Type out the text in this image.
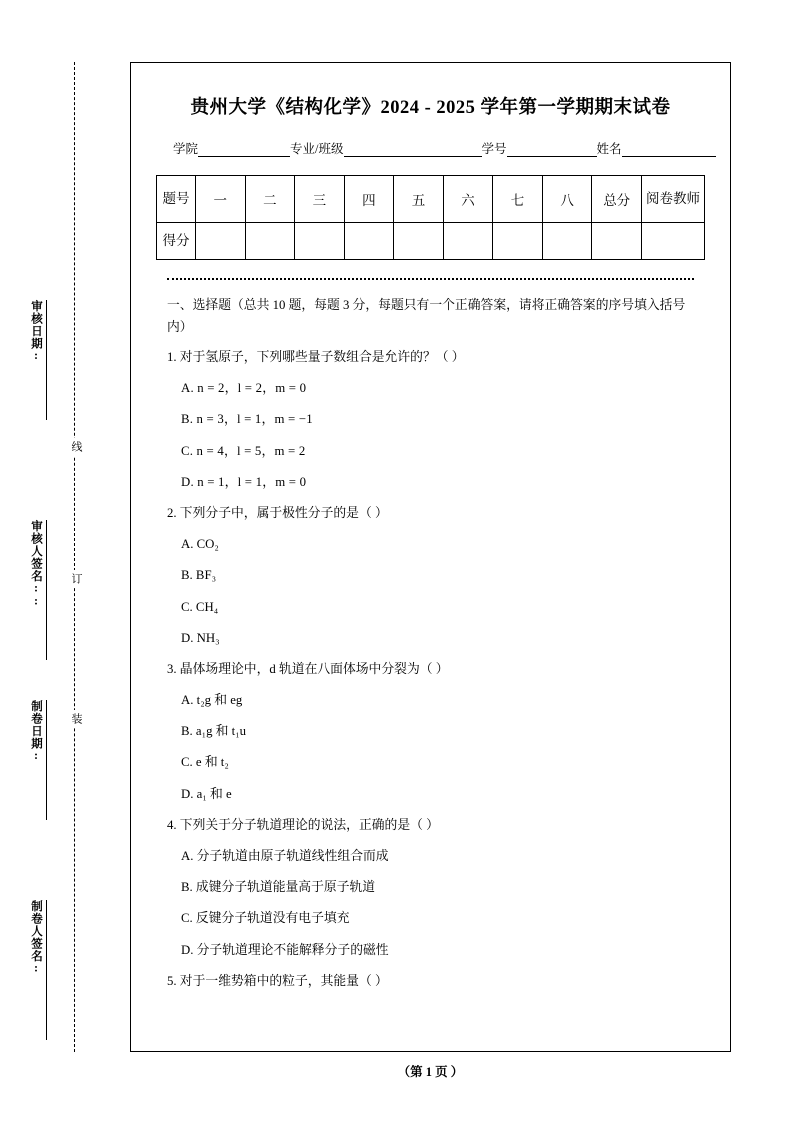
审核日期:
审核人签名::
制卷日期:
制卷人签名:
线
订
装
贵州大学《结构化学》2024 - 2025 学年第一学期期末试卷
学院	专业/班级	学号	姓名
题号	一	二	三	四	五	六	七	八	总分	阅卷教师
得分										
一、选择题（总共 10 题，每题 3 分，每题只有一个正确答案，请将正确答案的序号填入括号内）
1. 对于氢原子，下列哪些量子数组合是允许的？（ ）
A. n = 2，l = 2，m = 0
B. n = 3，l = 1，m = −1
C. n = 4，l = 5，m = 2
D. n = 1，l = 1，m = 0
2. 下列分子中，属于极性分子的是（ ）
A. CO₂
B. BF₃
C. CH₄
D. NH₃
3. 晶体场理论中，d 轨道在八面体场中分裂为（ ）
A. t₂g 和 eg
B. a₁g 和 t₁u
C. e 和 t₂
D. a₁ 和 e
4. 下列关于分子轨道理论的说法，正确的是（ ）
A. 分子轨道由原子轨道线性组合而成
B. 成键分子轨道能量高于原子轨道
C. 反键分子轨道没有电子填充
D. 分子轨道理论不能解释分子的磁性
5. 对于一维势箱中的粒子，其能量（ ）
（第 1 页 ）
